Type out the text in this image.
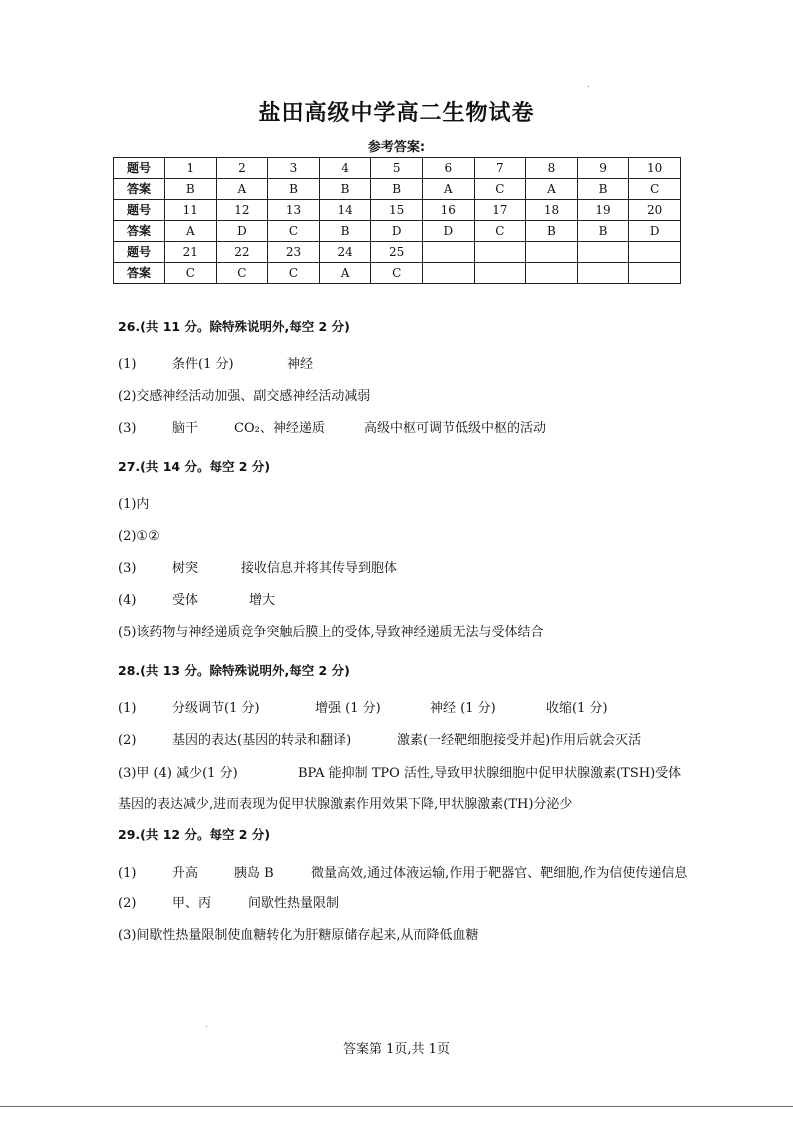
盐田高级中学高二生物试卷
参考答案:
题号	1	2	3	4	5	6	7	8	9	10
答案	B	A	B	B	B	A	C	A	B	C
题号	11	12	13	14	15	16	17	18	19	20
答案	A	D	C	B	D	D	C	B	B	D
题号	21	22	23	24	25					
答案	C	C	C	A	C					
26.(共 11 分。除特殊说明外,每空 2 分)
(1)	条件(1 分)	神经
(2)交感神经活动加强、副交感神经活动减弱
(3)	脑干	CO₂、神经递质	高级中枢可调节低级中枢的活动
27.(共 14 分。每空 2 分)
(1)内
(2)①②
(3)	树突	接收信息并将其传导到胞体
(4)	受体	增大
(5)该药物与神经递质竞争突触后膜上的受体,导致神经递质无法与受体结合
28.(共 13 分。除特殊说明外,每空 2 分)
(1)	分级调节(1 分)	增强 (1 分)	神经 (1 分)	收缩(1 分)
(2)	基因的表达(基因的转录和翻译)	激素(一经靶细胞接受并起)作用后就会灭活
(3)甲 (4) 减少(1 分)	BPA 能抑制 TPO 活性,导致甲状腺细胞中促甲状腺激素(TSH)受体基因的表达减少,进而表现为促甲状腺激素作用效果下降,甲状腺激素(TH)分泌少
29.(共 12 分。每空 2 分)
(1)	升高	胰岛 B	微量高效,通过体液运输,作用于靶器官、靶细胞,作为信使传递信息
(2)	甲、丙	间歇性热量限制
(3)间歇性热量限制使血糖转化为肝糖原储存起来,从而降低血糖
答案第 1页,共 1页
